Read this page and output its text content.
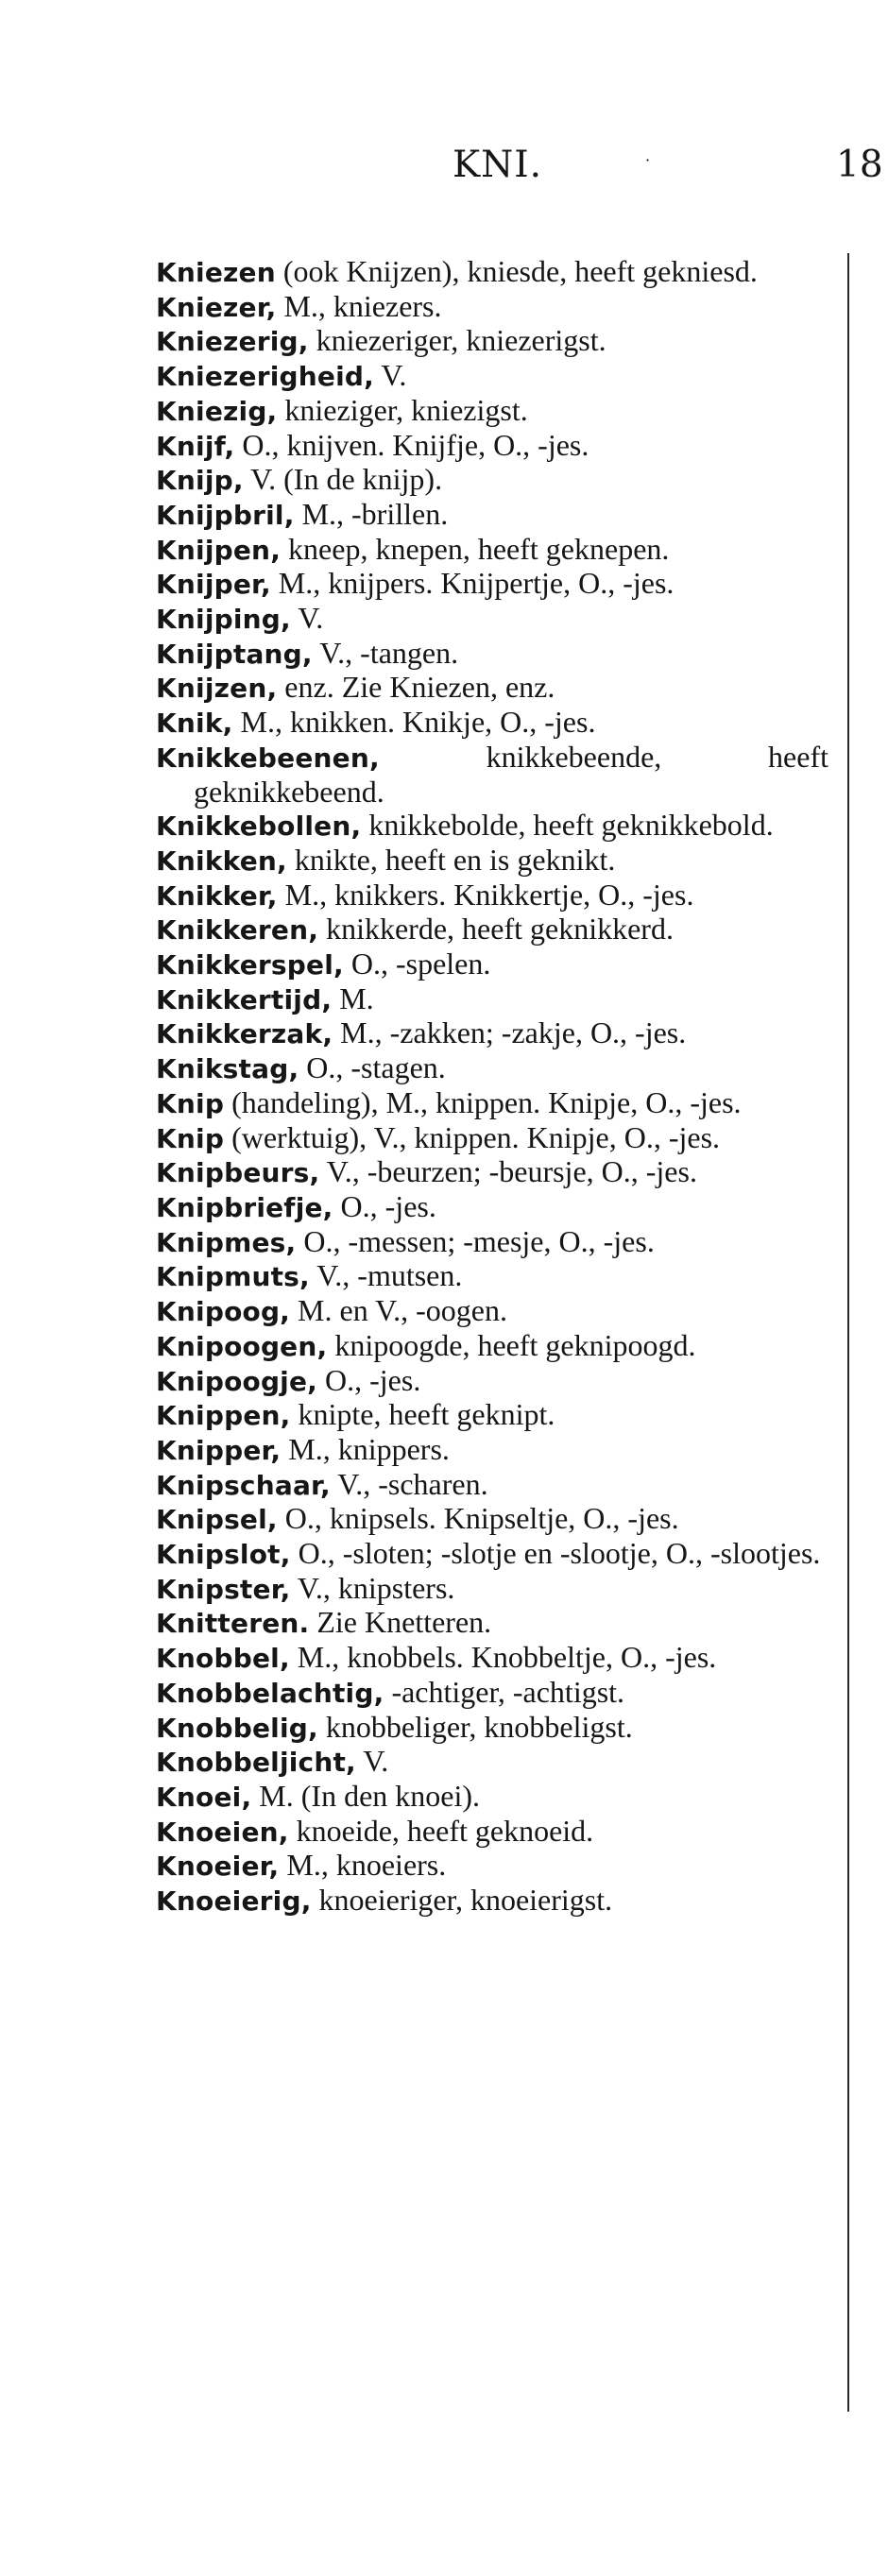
KNI.	·	18
Kniezen (ook Knijzen), kniesde, heeft gekniesd.
Kniezer, M., kniezers.
Kniezerig, kniezeriger, kniezerigst.
Kniezerigheid, V.
Kniezig, knieziger, kniezigst.
Knijf, O., knijven. Knijfje, O., -jes.
Knijp, V. (In de knijp).
Knijpbril, M., -brillen.
Knijpen, kneep, knepen, heeft geknepen.
Knijper, M., knijpers. Knijpertje, O., -jes.
Knijping, V.
Knijptang, V., -tangen.
Knijzen, enz. Zie Kniezen, enz.
Knik, M., knikken. Knikje, O., -jes.
Knikkebeenen, knikkebeende, heeft geknikkebeend.
Knikkebollen, knikkebolde, heeft geknikkebold.
Knikken, knikte, heeft en is geknikt.
Knikker, M., knikkers. Knikkertje, O., -jes.
Knikkeren, knikkerde, heeft geknikkerd.
Knikkerspel, O., -spelen.
Knikkertijd, M.
Knikkerzak, M., -zakken; -zakje, O., -jes.
Knikstag, O., -stagen.
Knip (handeling), M., knippen. Knipje, O., -jes.
Knip (werktuig), V., knippen. Knipje, O., -jes.
Knipbeurs, V., -beurzen; -beursje, O., -jes.
Knipbriefje, O., -jes.
Knipmes, O., -messen; -mesje, O., -jes.
Knipmuts, V., -mutsen.
Knipoog, M. en V., -oogen.
Knipoogen, knipoogde, heeft geknipoogd.
Knipoogje, O., -jes.
Knippen, knipte, heeft geknipt.
Knipper, M., knippers.
Knipschaar, V., -scharen.
Knipsel, O., knipsels. Knipseltje, O., -jes.
Knipslot, O., -sloten; -slotje en -slootje, O., -slootjes.
Knipster, V., knipsters.
Knitteren. Zie Knetteren.
Knobbel, M., knobbels. Knobbeltje, O., -jes.
Knobbelachtig, -achtiger, -achtigst.
Knobbelig, knobbeliger, knobbeligst.
Knobbeljicht, V.
Knoei, M. (In den knoei).
Knoeien, knoeide, heeft geknoeid.
Knoeier, M., knoeiers.
Knoeierig, knoeieriger, knoeierigst.
